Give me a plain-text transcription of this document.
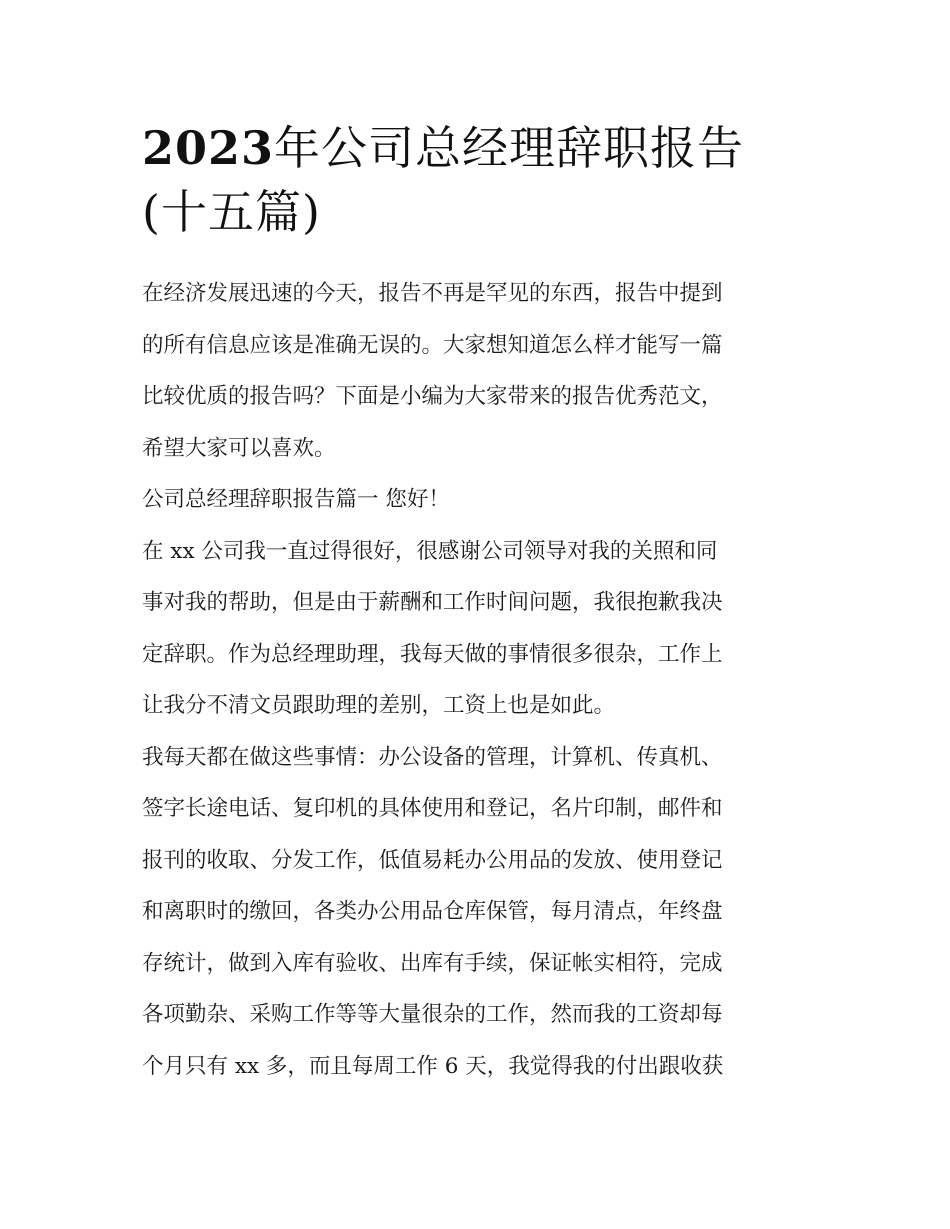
2023年公司总经理辞职报告
(十五篇)
在经济发展迅速的今天，报告不再是罕见的东西，报告中提到
的所有信息应该是准确无误的。大家想知道怎么样才能写一篇
比较优质的报告吗？下面是小编为大家带来的报告优秀范文，
希望大家可以喜欢。
公司总经理辞职报告篇一 您好！
在 xx 公司我一直过得很好，很感谢公司领导对我的关照和同
事对我的帮助，但是由于薪酬和工作时间问题，我很抱歉我决
定辞职。作为总经理助理，我每天做的事情很多很杂，工作上
让我分不清文员跟助理的差别，工资上也是如此。
我每天都在做这些事情：办公设备的管理，计算机、传真机、
签字长途电话、复印机的具体使用和登记，名片印制，邮件和
报刊的收取、分发工作，低值易耗办公用品的发放、使用登记
和离职时的缴回，各类办公用品仓库保管，每月清点，年终盘
存统计，做到入库有验收、出库有手续，保证帐实相符，完成
各项勤杂、采购工作等等大量很杂的工作，然而我的工资却每
个月只有 xx 多，而且每周工作 6 天，我觉得我的付出跟收获
